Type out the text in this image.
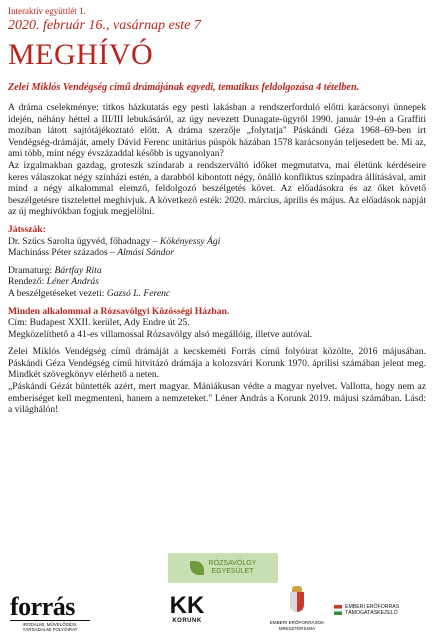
Interaktív együttlét 1.
2020. február 16., vasárnap este 7
MEGHÍVÓ
Zelei Miklós Vendégség című drámájának egyedi, tematikus feldolgozása 4 tételben.

A dráma cselekménye: titkos házkutatás egy pesti lakásban a rendszerforduló előtti karácsonyi ünnepek idején, néhány héttel a III/III lebukásáról, az úgy nevezett Dunagate-ügyről 1990. január 19-én a Graffiti moziban látott sajtótájékoztató előtt. A dráma szerzője „folytatja" Páskándi Géza 1968–69-ben írt Vendégség-drámáját, amely Dávid Ferenc unitárius püspök házában 1578 karácsonyán teljesedett be. Mi az, ami több, mint négy évszázaddal később is ugyanolyan?

Az izgalmakban gazdag, groteszk színdarab a rendszerváltó időket megmutatva, mai életünk kérdéseire keres válaszokat négy színházi estén, a darabból kibontott négy, önálló konfliktus színpadra állításával, amit mind a négy alkalommal elemző, feldolgozó beszélgetés követ. Az előadásokra és az őket követő beszélgetésre tisztelettel meghívjuk. A következő esték: 2020. március, április és május. Az előadások napját az új meghívókban fogjuk megjelölni.

Játsszák:

Dr. Szűcs Sarolta ügyvéd, főhadnagy – Kökényessy Ági

Machináss Péter százados – Almási Sándor

Dramaturg: Bártfay Rita

Rendező: Léner András

A beszélgetéseket vezeti: Gazsó L. Ferenc

Minden alkalommal a Rózsavölgyi Közösségi Házban.

Cím: Budapest XXII. kerület, Ady Endre út 25.

Megközelíthető a 41-es villamossal Rózsavölgy alsó megállóig, illetve autóval.

Zelei Miklós Vendégség című drámáját a kecskeméti Forrás című folyóirat közölte, 2016 májusában. Páskándi Géza Vendégség című hitvitázó drámája a kolozsvári Korunk 1970. áprilisi számában jelent meg. Mindkét szövegkönyv elérhető a neten.

„Páskándi Gézát büntették azért, mert magyar. Mániákusan védte a magyar nyelvet. Vallotta, hogy nem az emberiséget kell megmenteni, hanem a nemzeteket." Léner András a Korunk 2019. májusi számában. Lásd: a világhálón!

RÓZSAVÖLGY
EGYESÜLET
forrás
IRODALMI, MŰVELŐDÉSI, TÁRSADALMI FOLYÓIRAT
KK
KORUNK	EMBERI ERŐFORRÁSOK
MINISZTÉRIUMA
EMBERI ERŐFORRÁS
TÁMOGATÁSKEZELŐ
